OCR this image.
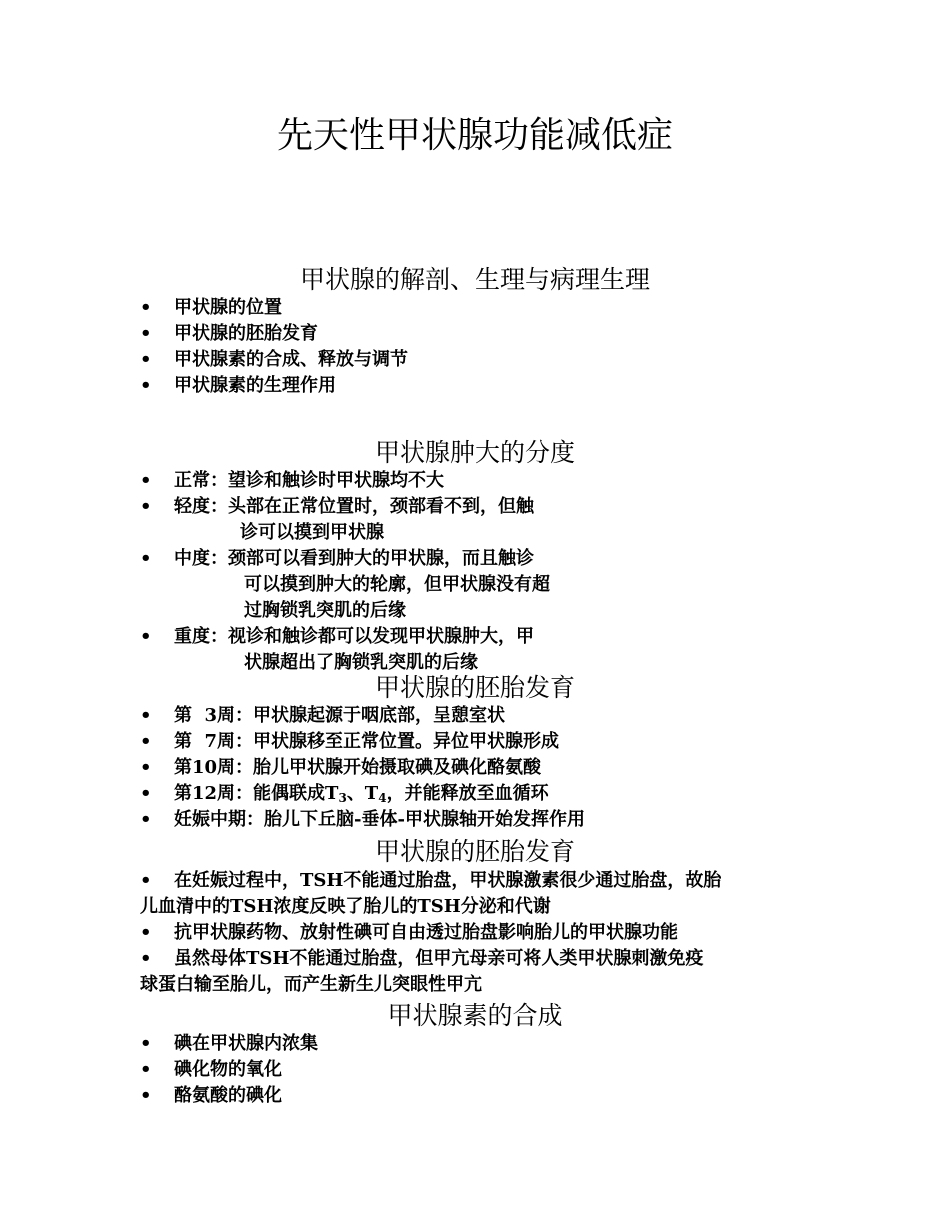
先天性甲状腺功能减低症
甲状腺的解剖、生理与病理生理
• 甲状腺的位置
• 甲状腺的胚胎发育
• 甲状腺素的合成、释放与调节
• 甲状腺素的生理作用
甲状腺肿大的分度
• 正常：望诊和触诊时甲状腺均不大
• 轻度：头部在正常位置时，颈部看不到，但触
诊可以摸到甲状腺
• 中度：颈部可以看到肿大的甲状腺，而且触诊
可以摸到肿大的轮廓，但甲状腺没有超
过胸锁乳突肌的后缘
• 重度：视诊和触诊都可以发现甲状腺肿大，甲
状腺超出了胸锁乳突肌的后缘
甲状腺的胚胎发育
• 第  3周：甲状腺起源于咽底部，呈憩室状
• 第  7周：甲状腺移至正常位置。异位甲状腺形成
• 第10周：胎儿甲状腺开始摄取碘及碘化酪氨酸
• 第12周：能偶联成$T_3$、$T_4$，并能释放至血循环
• 妊娠中期：胎儿下丘脑-垂体-甲状腺轴开始发挥作用
甲状腺的胚胎发育
• 在妊娠过程中，TSH不能通过胎盘，甲状腺激素很少通过胎盘，故胎
儿血清中的TSH浓度反映了胎儿的TSH分泌和代谢
• 抗甲状腺药物、放射性碘可自由透过胎盘影响胎儿的甲状腺功能
• 虽然母体TSH不能通过胎盘，但甲亢母亲可将人类甲状腺刺激免疫
球蛋白输至胎儿，而产生新生儿突眼性甲亢
甲状腺素的合成
• 碘在甲状腺内浓集
• 碘化物的氧化
• 酪氨酸的碘化
